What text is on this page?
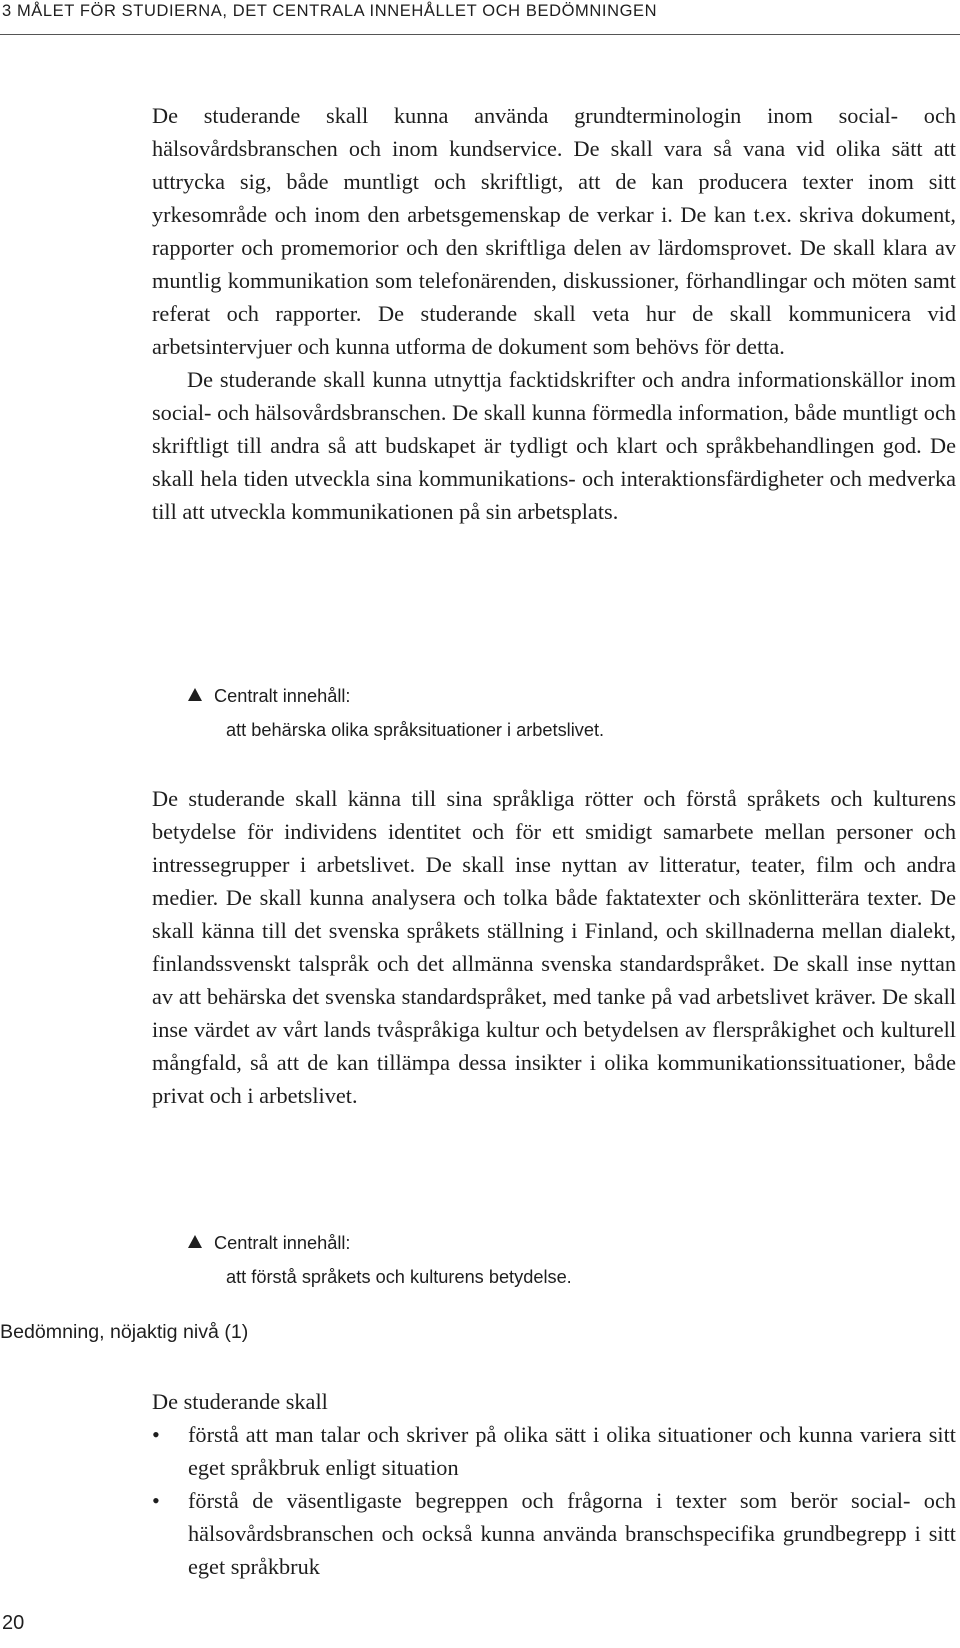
3 MÅLET FÖR STUDIERNA, DET CENTRALA INNEHÅLLET OCH BEDÖMNINGEN

De studerande skall kunna använda grundterminologin inom social- och hälsovårdsbranschen och inom kundservice. De skall vara så vana vid olika sätt att uttrycka sig, både muntligt och skriftligt, att de kan producera texter inom sitt yrkesområde och inom den arbetsgemenskap de verkar i. De kan t.ex. skriva dokument, rapporter och promemorior och den skriftliga delen av lärdomsprovet. De skall klara av muntlig kommunikation som telefonärenden, diskussioner, förhandlingar och möten samt referat och rapporter. De studerande skall veta hur de skall kommunicera vid arbetsintervjuer och kunna utforma de dokument som behövs för detta.

De studerande skall kunna utnyttja facktidskrifter och andra informationskällor inom social- och hälsovårdsbranschen. De skall kunna förmedla information, både muntligt och skriftligt till andra så att budskapet är tydligt och klart och språkbehandlingen god. De skall hela tiden utveckla sina kommunikations- och interaktionsfärdigheter och medverka till att utveckla kommunikationen på sin arbetsplats.

Centralt innehåll:
att behärska olika språksituationer i arbetslivet.

De studerande skall känna till sina språkliga rötter och förstå språkets och kulturens betydelse för individens identitet och för ett smidigt samarbete mellan personer och intressegrupper i arbetslivet. De skall inse nyttan av litteratur, teater, film och andra medier. De skall kunna analysera och tolka både faktatexter och skönlitterära texter. De skall känna till det svenska språkets ställning i Finland, och skillnaderna mellan dialekt, finlandssvenskt talspråk och det allmänna svenska standardspråket. De skall inse nyttan av att behärska det svenska standardspråket, med tanke på vad arbetslivet kräver. De skall inse värdet av vårt lands tvåspråkiga kultur och betydelsen av flerspråkighet och kulturell mångfald, så att de kan tillämpa dessa insikter i olika kommunikationssituationer, både privat och i arbetslivet.

Centralt innehåll:
att förstå språkets och kulturens betydelse.
Bedömning, nöjaktig nivå (1)

De studerande skall

• förstå att man talar och skriver på olika sätt i olika situationer och kunna variera sitt eget språkbruk enligt situation
• förstå de väsentligaste begreppen och frågorna i texter som berör social- och hälsovårdsbranschen och också kunna använda branschspecifika grundbegrepp i sitt eget språkbruk
20
